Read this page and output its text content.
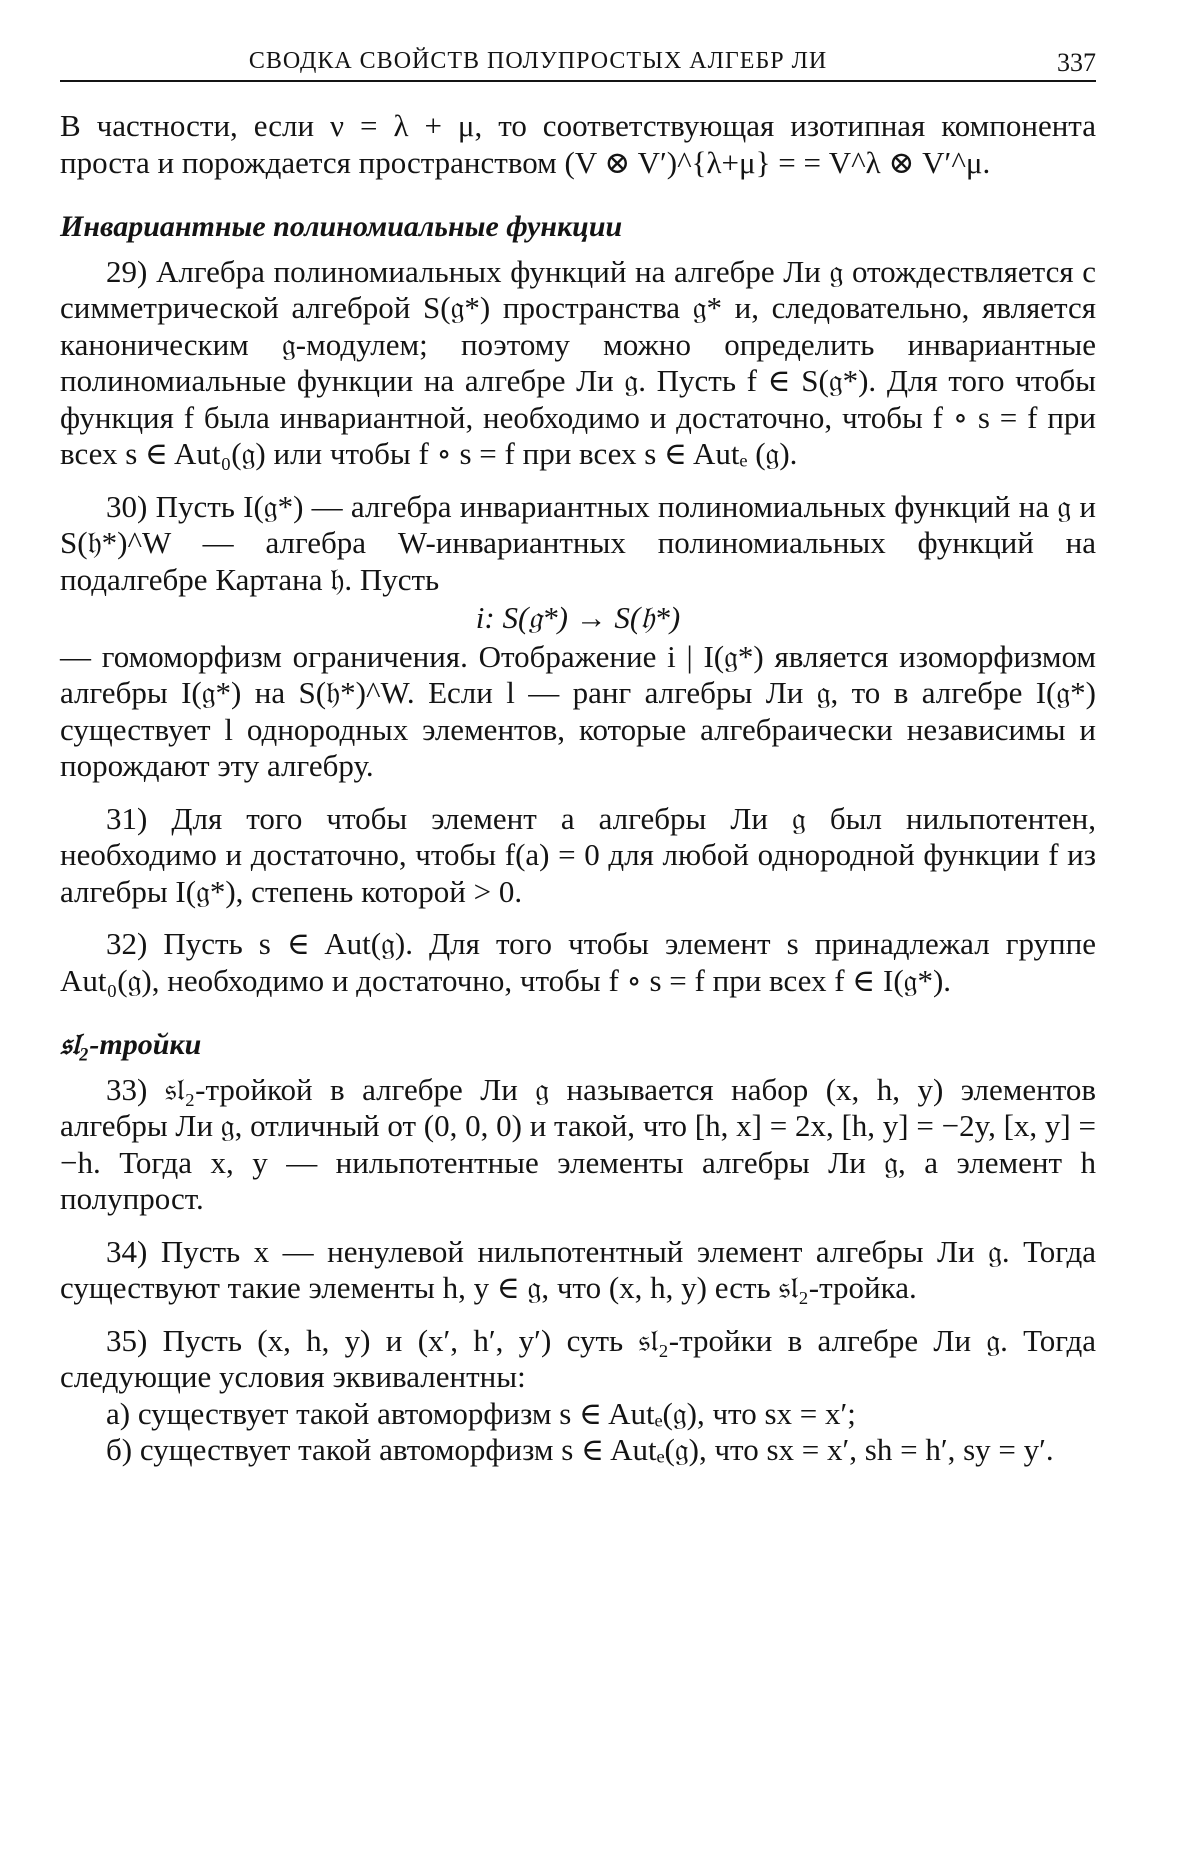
СВОДКА СВОЙСТВ ПОЛУПРОСТЫХ АЛГЕБР ЛИ	337

В частности, если ν = λ + μ, то соответствующая изотипная компонента проста и порождается пространством (V ⊗ V′)^{λ+μ} = = V^λ ⊗ V′^μ.

Инвариантные полиномиальные функции

29) Алгебра полиномиальных функций на алгебре Ли 𝔤 отождествляется с симметрической алгеброй S(𝔤*) пространства 𝔤* и, следовательно, является каноническим 𝔤-модулем; поэтому можно определить инвариантные полиномиальные функции на алгебре Ли 𝔤. Пусть f ∈ S(𝔤*). Для того чтобы функция f была инвариантной, необходимо и достаточно, чтобы f ∘ s = f при всех s ∈ Aut₀(𝔤) или чтобы f ∘ s = f при всех s ∈ Autₑ (𝔤).

30) Пусть I(𝔤*) — алгебра инвариантных полиномиальных функций на 𝔤 и S(𝔥*)^W — алгебра W-инвариантных полиномиальных функций на подалгебре Картана 𝔥. Пусть

i: S(𝔤*) → S(𝔥*)

— гомоморфизм ограничения. Отображение i | I(𝔤*) является изоморфизмом алгебры I(𝔤*) на S(𝔥*)^W. Если l — ранг алгебры Ли 𝔤, то в алгебре I(𝔤*) существует l однородных элементов, которые алгебраически независимы и порождают эту алгебру.

31) Для того чтобы элемент a алгебры Ли 𝔤 был нильпотентен, необходимо и достаточно, чтобы f(a) = 0 для любой однородной функции f из алгебры I(𝔤*), степень которой > 0.

32) Пусть s ∈ Aut(𝔤). Для того чтобы элемент s принадлежал группе Aut₀(𝔤), необходимо и достаточно, чтобы f ∘ s = f при всех f ∈ I(𝔤*).

𝔰𝔩₂-тройки

33) 𝔰𝔩₂-тройкой в алгебре Ли 𝔤 называется набор (x, h, y) элементов алгебры Ли 𝔤, отличный от (0, 0, 0) и такой, что [h, x] = 2x, [h, y] = −2y, [x, y] = −h. Тогда x, y — нильпотентные элементы алгебры Ли 𝔤, а элемент h полупрост.

34) Пусть x — ненулевой нильпотентный элемент алгебры Ли 𝔤. Тогда существуют такие элементы h, y ∈ 𝔤, что (x, h, y) есть 𝔰𝔩₂-тройка.

35) Пусть (x, h, y) и (x′, h′, y′) суть 𝔰𝔩₂-тройки в алгебре Ли 𝔤. Тогда следующие условия эквивалентны:

а) существует такой автоморфизм s ∈ Autₑ(𝔤), что sx = x′;

б) существует такой автоморфизм s ∈ Autₑ(𝔤), что sx = x′, sh = h′, sy = y′.
